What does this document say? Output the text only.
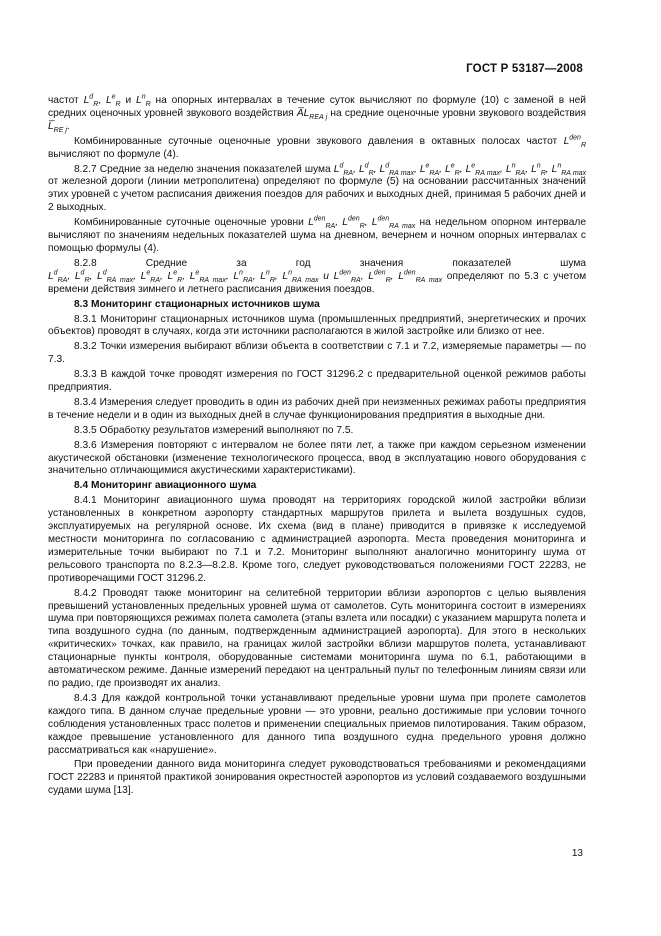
ГОСТ Р 53187—2008

частот $L^d_R$, $L^e_R$ и $L^n_R$ на опорных интервалах в течение суток вычисляют по формуле (10) с заменой в ней средних оценочных уровней звукового воздействия $A̅L_{REA j}$ на средние оценочные уровни звукового воздействия $L̅_{RE j}$.

Комбинированные суточные оценочные уровни звукового давления в октавных полосах частот $L^{den}_R$ вычисляют по формуле (4).

8.2.7 Средние за неделю значения показателей шума $L^d_{RA}$, $L^d_R$, $L^d_{RA max}$, $L^e_{RA}$, $L^e_R$, $L^e_{RA max}$, $L^n_{RA}$, $L^n_R$, $L^n_{RA max}$ от железной дороги (линии метрополитена) определяют по формуле (5) на основании рассчитанных значений этих уровней с учетом расписания движения поездов для рабочих и выходных дней, принимая 5 рабочих дней и 2 выходных.

Комбинированные суточные оценочные уровни $L^{den}_{RA}$, $L^{den}_R$, $L^{den}_{RA max}$ на недельном опорном интервале вычисляют по значениям недельных показателей шума на дневном, вечернем и ночном опорных интервалах с помощью формулы (4).

8.2.8 Средние за год значения показателей шума $L^d_{RA}$, $L^d_R$, $L^d_{RA max}$, $L^e_{RA}$, $L^e_R$, $L^e_{RA max}$, $L^n_{RA}$, $L^n_R$, $L^n_{RA max}$ и $L^{den}_{RA}$, $L^{den}_R$, $L^{den}_{RA max}$ определяют по 5.3 с учетом времени действия зимнего и летнего расписания движения поездов.

8.3 Мониторинг стационарных источников шума

8.3.1 Мониторинг стационарных источников шума (промышленных предприятий, энергетических и прочих объектов) проводят в случаях, когда эти источники располагаются в жилой застройке или близко от нее.

8.3.2 Точки измерения выбирают вблизи объекта в соответствии с 7.1 и 7.2, измеряемые параметры — по 7.3.

8.3.3 В каждой точке проводят измерения по ГОСТ 31296.2 с предварительной оценкой режимов работы предприятия.

8.3.4 Измерения следует проводить в один из рабочих дней при неизменных режимах работы предприятия в течение недели и в один из выходных дней в случае функционирования предприятия в выходные дни.

8.3.5 Обработку результатов измерений выполняют по 7.5.

8.3.6 Измерения повторяют с интервалом не более пяти лет, а также при каждом серьезном изменении акустической обстановки (изменение технологического процесса, ввод в эксплуатацию нового оборудования с значительно отличающимися акустическими характеристиками).

8.4 Мониторинг авиационного шума

8.4.1 Мониторинг авиационного шума проводят на территориях городской жилой застройки вблизи установленных в конкретном аэропорту стандартных маршрутов прилета и вылета воздушных судов, эксплуатируемых на регулярной основе. Их схема (вид в плане) приводится в привязке к исследуемой местности мониторинга по согласованию с администрацией аэропорта. Места проведения мониторинга и измерительные точки выбирают по 7.1 и 7.2. Мониторинг выполняют аналогично мониторингу шума от рельсового транспорта по 8.2.3—8.2.8. Кроме того, следует руководствоваться положениями ГОСТ 22283, не противоречащими ГОСТ 31296.2.

8.4.2 Проводят также мониторинг на селитебной территории вблизи аэропортов с целью выявления превышений установленных предельных уровней шума от самолетов. Суть мониторинга состоит в измерениях шума при повторяющихся режимах полета самолета (этапы взлета или посадки) с указанием маршрута полета и типа воздушного судна (по данным, подтвержденным администрацией аэропорта). Для этого в нескольких «критических» точках, как правило, на границах жилой застройки вблизи маршрутов полета, устанавливают стационарные пункты контроля, оборудованные системами мониторинга шума по 6.1, работающими в автоматическом режиме. Данные измерений передают на центральный пульт по телефонным линиям связи или по радио, где производят их анализ.

8.4.3 Для каждой контрольной точки устанавливают предельные уровни шума при пролете самолетов каждого типа. В данном случае предельные уровни — это уровни, реально достижимые при условии точного соблюдения установленных трасс полетов и применении специальных приемов пилотирования. Таким образом, каждое превышение установленного для данного типа воздушного судна предельного уровня должно рассматриваться как «нарушение».

При проведении данного вида мониторинга следует руководствоваться требованиями и рекомендациями ГОСТ 22283 и принятой практикой зонирования окрестностей аэропортов из условий создаваемого воздушными судами шума [13].

13
